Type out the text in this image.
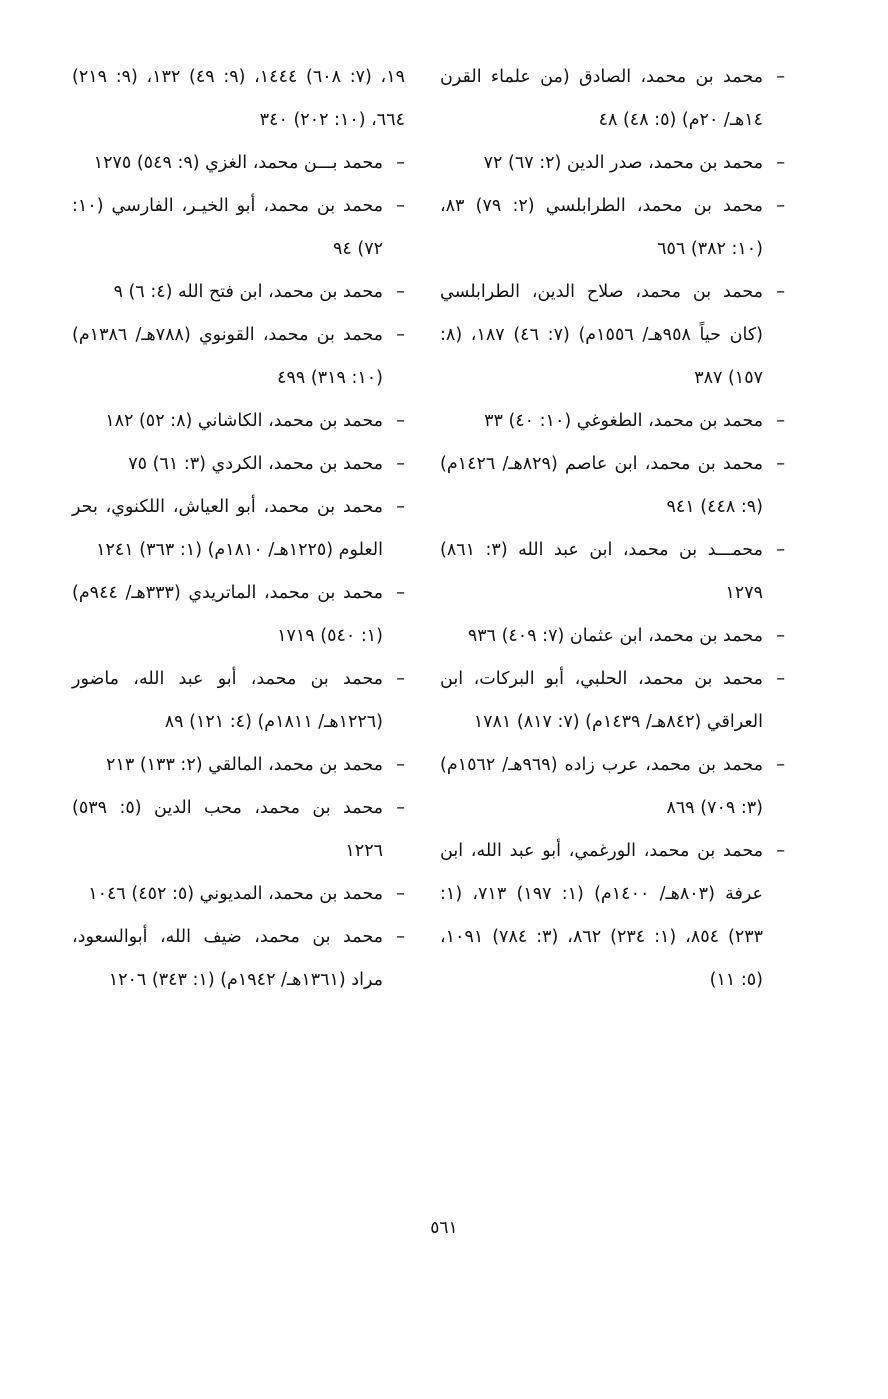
–محمد بن محمد، الصادق (من علماء القرن ١٤هـ/ ٢٠م) (٥: ٤٨) ٤٨

–محمد بن محمد، صدر الدين (٢: ٦٧) ٧٢

–محمد بن محمد، الطرابلسي (٢: ٧٩) ٨٣، (١٠: ٣٨٢) ٦٥٦

–محمد بن محمد، صلاح الدين، الطرابلسي (كان حياً ٩٥٨هـ/ ١٥٥٦م) (٧: ٤٦) ١٨٧، (٨: ١٥٧) ٣٨٧

–محمد بن محمد، الطغوغي (١٠: ٤٠) ٣٣

–محمد بن محمد، ابن عاصم (٨٢٩هـ/ ١٤٢٦م) (٩: ٤٤٨) ٩٤١

–محمـــد بن محمد، ابن عبد الله (٣: ٨٦١) ١٢٧٩

–محمد بن محمد، ابن عثمان (٧: ٤٠٩) ٩٣٦

–محمد بن محمد، الحلبي، أبو البركات، ابن العراقي (٨٤٢هـ/ ١٤٣٩م) (٧: ٨١٧) ١٧٨١

–محمد بن محمد، عرب زاده (٩٦٩هـ/ ١٥٦٢م) (٣: ٧٠٩) ٨٦٩

–محمد بن محمد، الورغمي، أبو عبد الله، ابن عرفة (٨٠٣هـ/ ١٤٠٠م) (١: ١٩٧) ٧١٣، (١: ٢٣٣) ٨٥٤، (١: ٢٣٤) ٨٦٢، (٣: ٧٨٤) ١٠٩١، (٥: ١١)

١٩، (٧: ٦٠٨) ١٤٤٤، (٩: ٤٩) ١٣٢، (٩: ٢١٩) ٦٦٤، (١٠: ٢٠٢) ٣٤٠

–محمد بـــن محمد، الغزي (٩: ٥٤٩) ١٢٧٥

–محمد بن محمد، أبو الخيـر، الفارسي (١٠: ٧٢) ٩٤

–محمد بن محمد، ابن فتح الله (٤: ٦) ٩

–محمد بن محمد، القونوي (٧٨٨هـ/ ١٣٨٦م) (١٠: ٣١٩) ٤٩٩

–محمد بن محمد، الكاشاني (٨: ٥٢) ١٨٢

–محمد بن محمد، الكردي (٣: ٦١) ٧٥

–محمد بن محمد، أبو العياش، اللكنوي، بحر العلوم (١٢٢٥هـ/ ١٨١٠م) (١: ٣٦٣) ١٢٤١

–محمد بن محمد، الماتريدي (٣٣٣هـ/ ٩٤٤م) (١: ٥٤٠) ١٧١٩

–محمد بن محمد، أبو عبد الله، ماضور (١٢٢٦هـ/ ١٨١١م) (٤: ١٢١) ٨٩

–محمد بن محمد، المالقي (٢: ١٣٣) ٢١٣

–محمد بن محمد، محب الدين (٥: ٥٣٩) ١٢٢٦

–محمد بن محمد، المديوني (٥: ٤٥٢) ١٠٤٦

–محمد بن محمد، ضيف الله، أبوالسعود، مراد (١٣٦١هـ/ ١٩٤٢م) (١: ٣٤٣) ١٢٠٦

٥٦١
